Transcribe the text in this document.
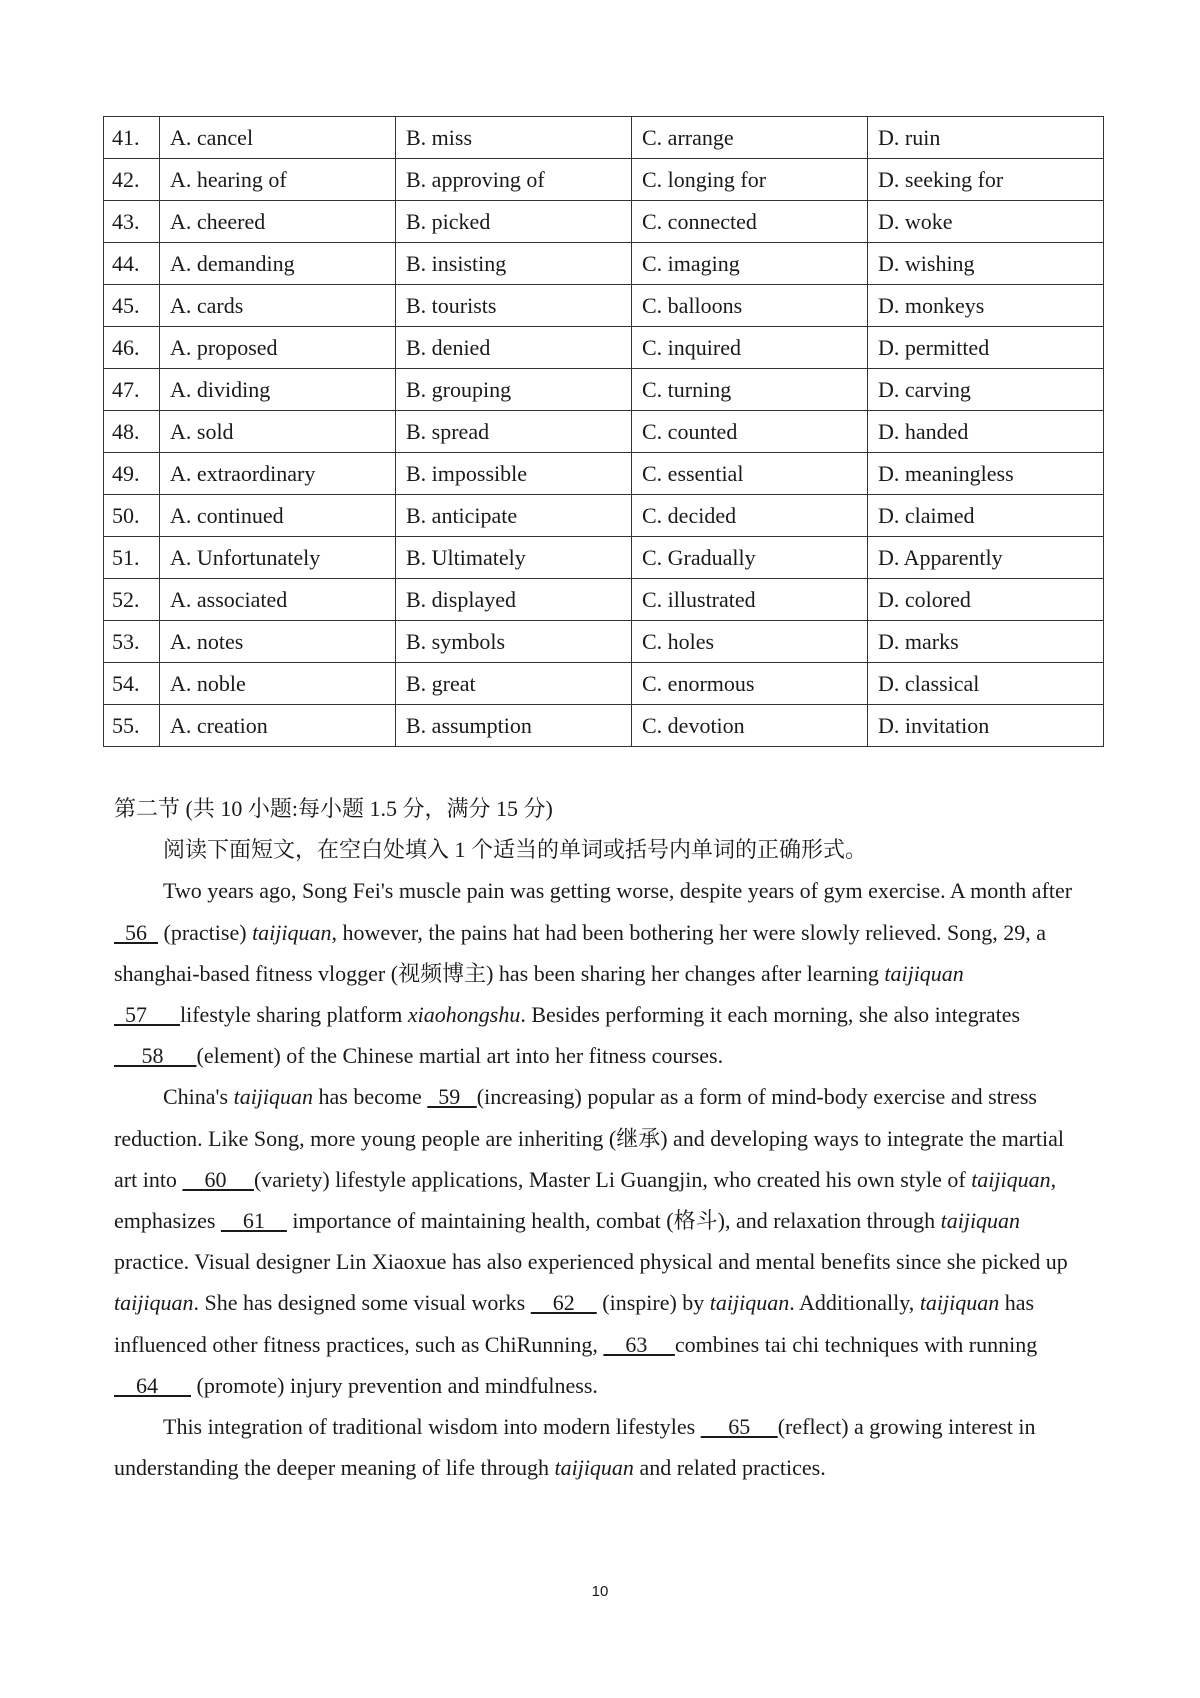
41.	A. cancel	B. miss	C. arrange	D. ruin
42.	A. hearing of	B. approving of	C. longing for	D. seeking for
43.	A. cheered	B. picked	C. connected	D. woke
44.	A. demanding	B. insisting	C. imaging	D. wishing
45.	A. cards	B. tourists	C. balloons	D. monkeys
46.	A. proposed	B. denied	C. inquired	D. permitted
47.	A. dividing	B. grouping	C. turning	D. carving
48.	A. sold	B. spread	C. counted	D. handed
49.	A. extraordinary	B. impossible	C. essential	D. meaningless
50.	A. continued	B. anticipate	C. decided	D. claimed
51.	A. Unfortunately	B. Ultimately	C. Gradually	D. Apparently
52.	A. associated	B. displayed	C. illustrated	D. colored
53.	A. notes	B. symbols	C. holes	D. marks
54.	A. noble	B. great	C. enormous	D. classical
55.	A. creation	B. assumption	C. devotion	D. invitation

第二节 (共 10 小题:每小题 1.5 分，满分 15 分)

阅读下面短文，在空白处填入 1 个适当的单词或括号内单词的正确形式。

Two years ago, Song Fei's muscle pain was getting worse, despite years of gym exercise. A month after   56   (practise) taijiquan, however, the pains hat had been bothering her were slowly relieved. Song, 29, a shanghai-based fitness vlogger (视频博主) has been sharing her changes after learning taijiquan   57      lifestyle sharing platform xiaohongshu. Besides performing it each morning, she also integrates      58      (element) of the Chinese martial art into her fitness courses.

China's taijiquan has become   59   (increasing) popular as a form of mind-body exercise and stress reduction. Like Song, more young people are inheriting (继承) and developing ways to integrate the martial art into     60     (variety) lifestyle applications, Master Li Guangjin, who created his own style of taijiquan, emphasizes     61     importance of maintaining health, combat (格斗), and relaxation through taijiquan practice. Visual designer Lin Xiaoxue has also experienced physical and mental benefits since she picked up taijiquan. She has designed some visual works     62     (inspire) by taijiquan. Additionally, taijiquan has influenced other fitness practices, such as ChiRunning,     63     combines tai chi techniques with running     64       (promote) injury prevention and mindfulness.

This integration of traditional wisdom into modern lifestyles      65     (reflect) a growing interest in understanding the deeper meaning of life through taijiquan and related practices.

10
